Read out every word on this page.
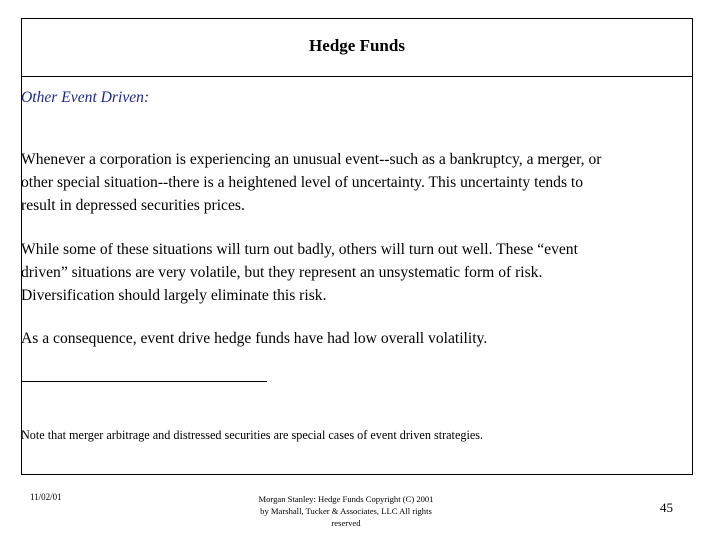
Hedge Funds
Other Event Driven:
Whenever a corporation is experiencing an unusual event--such as a bankruptcy, a merger, or other special situation--there is a heightened level of uncertainty. This uncertainty tends to result in depressed securities prices.
While some of these situations will turn out badly, others will turn out well. These “event driven” situations are very volatile, but they represent an unsystematic form of risk. Diversification should largely eliminate this risk.
As a consequence, event drive hedge funds have had low overall volatility.
Note that merger arbitrage and distressed securities are special cases of event driven strategies.
11/02/01	Morgan Stanley: Hedge Funds Copyright (C) 2001
by Marshall, Tucker & Associates, LLC All rights
reserved
45
